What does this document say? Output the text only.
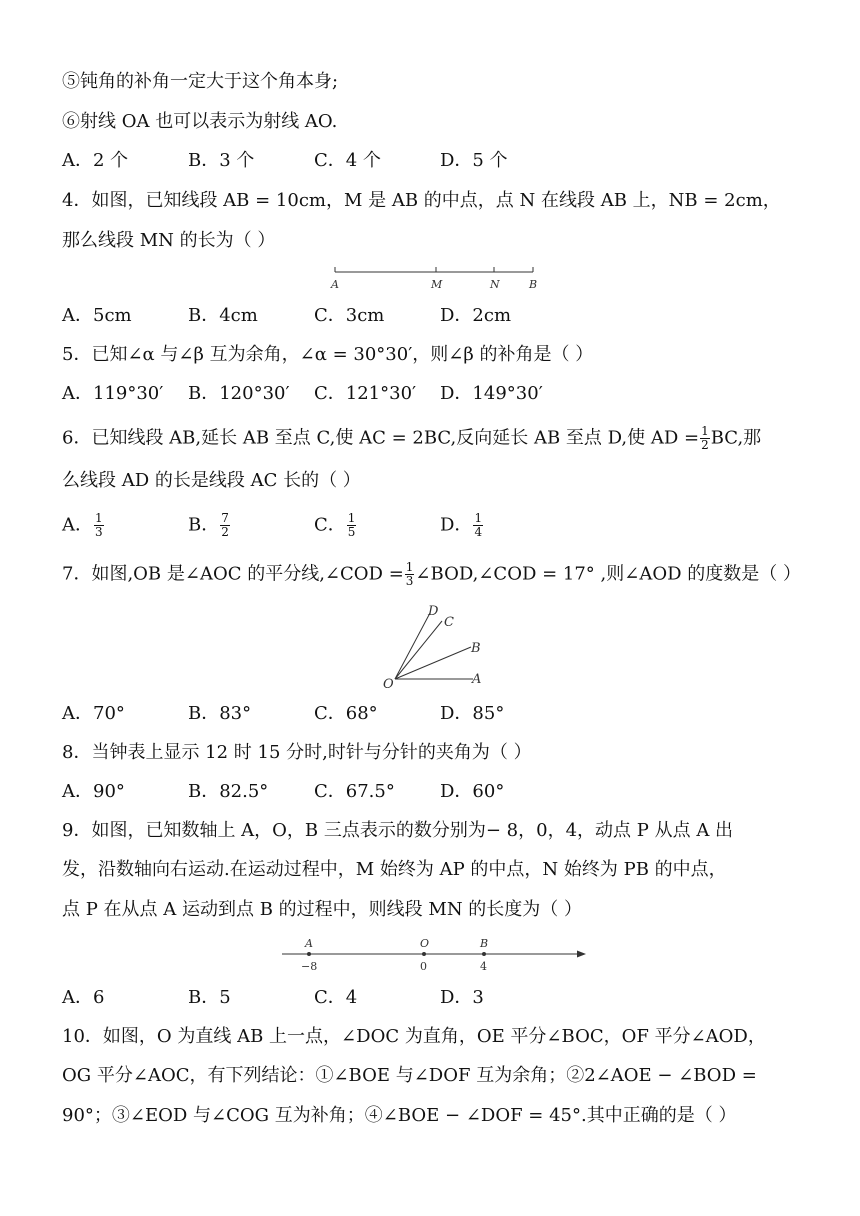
⑤钝角的补角一定大于这个角本身;
⑥射线 OA 也可以表示为射线 AO.
A．2 个	B．3 个	C．4 个	D．5 个
4．如图，已知线段 AB = 10cm，M 是 AB 的中点，点 N 在线段 AB 上，NB = 2cm，
那么线段 MN 的长为（ ）
A	M	N	B
A．5cm	B．4cm	C．3cm	D．2cm
5．已知∠α 与∠β 互为余角，∠α = 30°30′，则∠β 的补角是（ ）
A．119°30′ B．120°30′ C．121°30′ D．149°30′
6．已知线段 AB,延长 AB 至点 C,使 AC = 2BC,反向延长 AB 至点 D,使 AD = $\frac{1}{2}$ BC,那
么线段 AD 的长是线段 AC 长的（ ）
A． $\frac{1}{3}$	B． $\frac{7}{2}$	C． $\frac{1}{5}$	D． $\frac{1}{4}$
7．如图,OB 是∠AOC 的平分线,∠COD = $\frac{1}{3}$ ∠BOD,∠COD = 17° ,则∠AOD 的度数是（ ）
D
C
B
A
O
A．70°	B．83°	C．68°	D．85°
8．当钟表上显示 12 时 15 分时,时针与分针的夹角为（ ）
A．90°	B．82.5°	C．67.5°	D．60°
9．如图，已知数轴上 A，O，B 三点表示的数分别为− 8，0，4，动点 P 从点 A 出
发，沿数轴向右运动.在运动过程中，M 始终为 AP 的中点，N 始终为 PB 的中点，
点 P 在从点 A 运动到点 B 的过程中，则线段 MN 的长度为（ ）
A	O	B
−8	0	4
A．6	B．5	C．4	D．3
10．如图，O 为直线 AB 上一点，∠DOC 为直角，OE 平分∠BOC，OF 平分∠AOD，
OG 平分∠AOC，有下列结论：①∠BOE 与∠DOF 互为余角；②2∠AOE − ∠BOD =
90°；③∠EOD 与∠COG 互为补角；④∠BOE − ∠DOF = 45°.其中正确的是（ ）
